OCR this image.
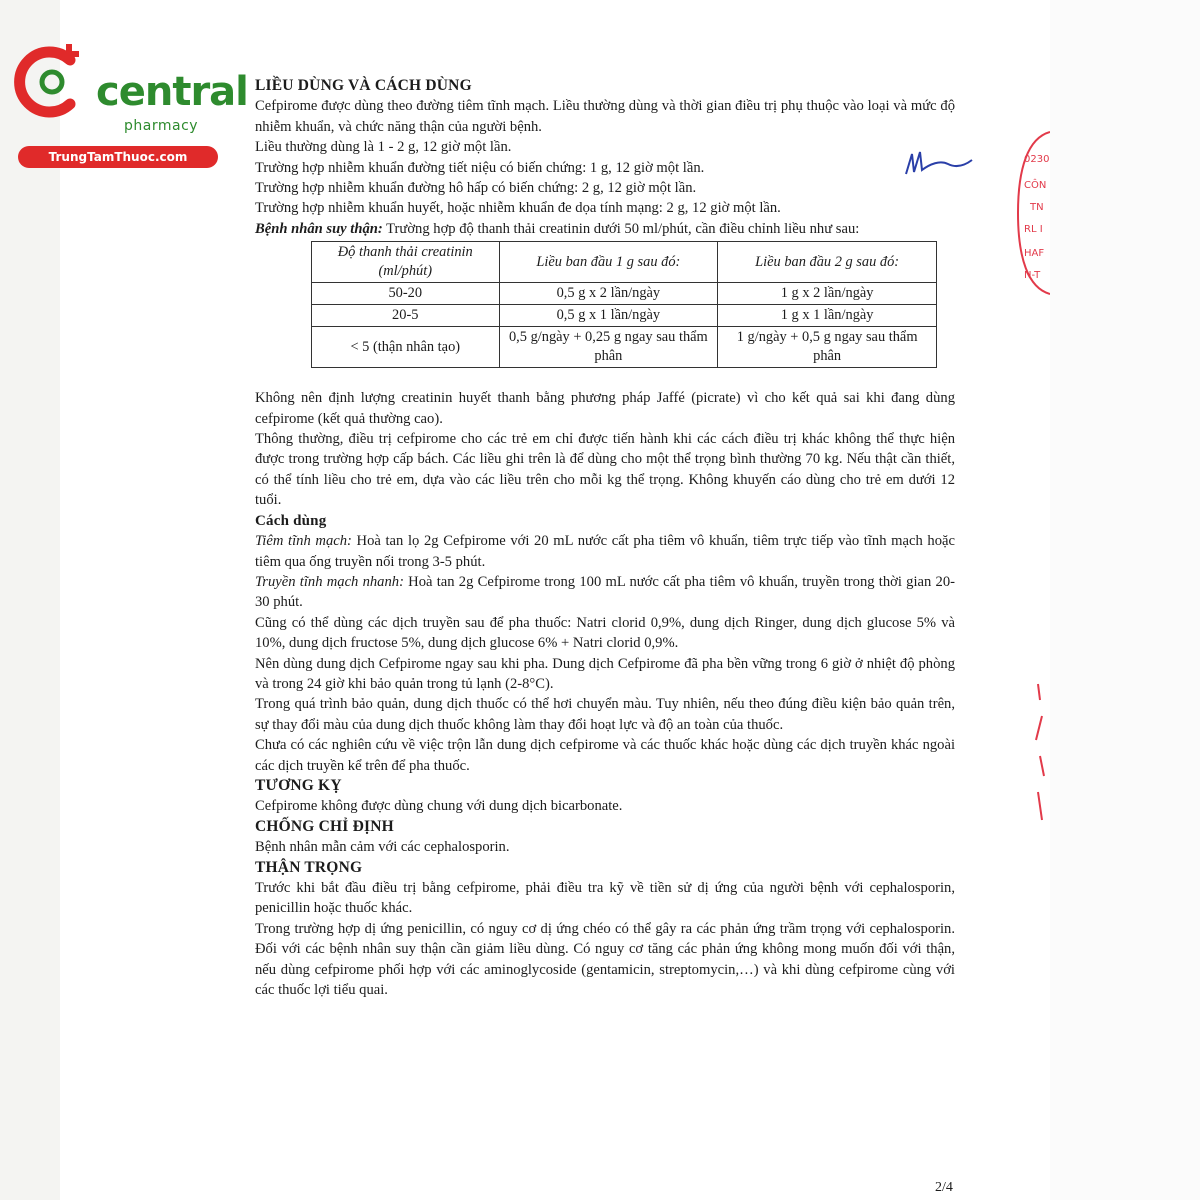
central
pharmacy
TrungTamThuoc.com	0230
CÔN
TN
RL I
HAF
N-T

LIỀU DÙNG VÀ CÁCH DÙNG

Cefpirome được dùng theo đường tiêm tĩnh mạch. Liều thường dùng và thời gian điều trị phụ thuộc vào loại và mức độ nhiễm khuẩn, và chức năng thận của người bệnh.

Liều thường dùng là 1 - 2 g, 12 giờ một lần.

Trường hợp nhiễm khuẩn đường tiết niệu có biến chứng: 1 g, 12 giờ một lần.

Trường hợp nhiễm khuẩn đường hô hấp có biến chứng: 2 g, 12 giờ một lần.

Trường hợp nhiễm khuẩn huyết, hoặc nhiễm khuẩn đe dọa tính mạng: 2 g, 12 giờ một lần.

Bệnh nhân suy thận: Trường hợp độ thanh thải creatinin dưới 50 ml/phút, cần điều chỉnh liều như sau:

Độ thanh thải creatinin (ml/phút)	Liều ban đầu 1 g sau đó:	Liều ban đầu 2 g sau đó:
50-20	0,5 g x 2 lần/ngày	1 g x 2 lần/ngày
20-5	0,5 g x 1 lần/ngày	1 g x 1 lần/ngày
< 5 (thận nhân tạo)	0,5 g/ngày + 0,25 g ngay sau thẩm phân	1 g/ngày + 0,5 g ngay sau thẩm phân

Không nên định lượng creatinin huyết thanh bằng phương pháp Jaffé (picrate) vì cho kết quả sai khi đang dùng cefpirome (kết quả thường cao).

Thông thường, điều trị cefpirome cho các trẻ em chỉ được tiến hành khi các cách điều trị khác không thể thực hiện được trong trường hợp cấp bách. Các liều ghi trên là để dùng cho một thể trọng bình thường 70 kg. Nếu thật cần thiết, có thể tính liều cho trẻ em, dựa vào các liều trên cho mỗi kg thể trọng. Không khuyến cáo dùng cho trẻ em dưới 12 tuổi.

Cách dùng

Tiêm tĩnh mạch: Hoà tan lọ 2g Cefpirome với 20 mL nước cất pha tiêm vô khuẩn, tiêm trực tiếp vào tĩnh mạch hoặc tiêm qua ống truyền nối trong 3-5 phút.

Truyền tĩnh mạch nhanh: Hoà tan 2g Cefpirome trong 100 mL nước cất pha tiêm vô khuẩn, truyền trong thời gian 20-30 phút.

Cũng có thể dùng các dịch truyền sau để pha thuốc: Natri clorid 0,9%, dung dịch Ringer, dung dịch glucose 5% và 10%, dung dịch fructose 5%, dung dịch glucose 6% + Natri clorid 0,9%.

Nên dùng dung dịch Cefpirome ngay sau khi pha. Dung dịch Cefpirome đã pha bền vững trong 6 giờ ở nhiệt độ phòng và trong 24 giờ khi bảo quản trong tủ lạnh (2-8°C).

Trong quá trình bảo quản, dung dịch thuốc có thể hơi chuyển màu. Tuy nhiên, nếu theo đúng điều kiện bảo quản trên, sự thay đổi màu của dung dịch thuốc không làm thay đổi hoạt lực và độ an toàn của thuốc.

Chưa có các nghiên cứu về việc trộn lẫn dung dịch cefpirome và các thuốc khác hoặc dùng các dịch truyền khác ngoài các dịch truyền kể trên để pha thuốc.

TƯƠNG KỴ

Cefpirome không được dùng chung với dung dịch bicarbonate.

CHỐNG CHỈ ĐỊNH

Bệnh nhân mẫn cảm với các cephalosporin.

THẬN TRỌNG

Trước khi bắt đầu điều trị bằng cefpirome, phải điều tra kỹ về tiền sử dị ứng của người bệnh với cephalosporin, penicillin hoặc thuốc khác.

Trong trường hợp dị ứng penicillin, có nguy cơ dị ứng chéo có thể gây ra các phản ứng trầm trọng với cephalosporin. Đối với các bệnh nhân suy thận cần giảm liều dùng. Có nguy cơ tăng các phản ứng không mong muốn đối với thận, nếu dùng cefpirome phối hợp với các aminoglycoside (gentamicin, streptomycin,…) và khi dùng cefpirome cùng với các thuốc lợi tiểu quai.

2/4
